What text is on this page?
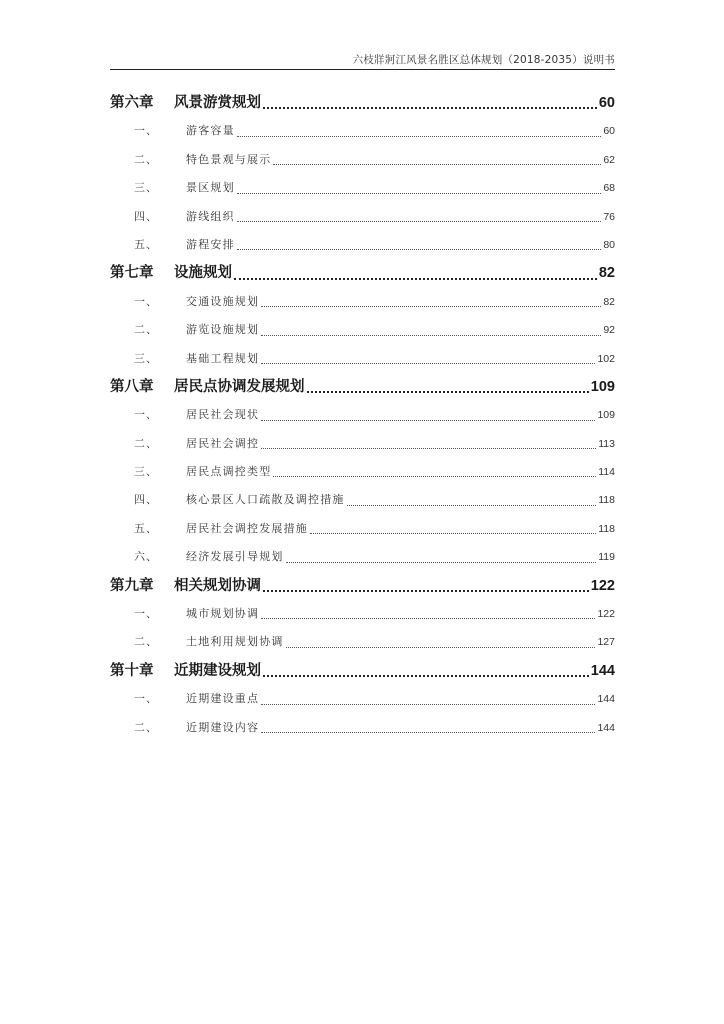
六枝牂牁江风景名胜区总体规划（2018-2035）说明书
第六章	风景游赏规划	60
一、	游客容量	60
二、	特色景观与展示	62
三、	景区规划	68
四、	游线组织	76
五、	游程安排	80
第七章	设施规划	82
一、	交通设施规划	82
二、	游览设施规划	92
三、	基础工程规划	102
第八章	居民点协调发展规划	109
一、	居民社会现状	109
二、	居民社会调控	113
三、	居民点调控类型	114
四、	核心景区人口疏散及调控措施	118
五、	居民社会调控发展措施	118
六、	经济发展引导规划	119
第九章	相关规划协调	122
一、	城市规划协调	122
二、	土地利用规划协调	127
第十章	近期建设规划	144
一、	近期建设重点	144
二、	近期建设内容	144
